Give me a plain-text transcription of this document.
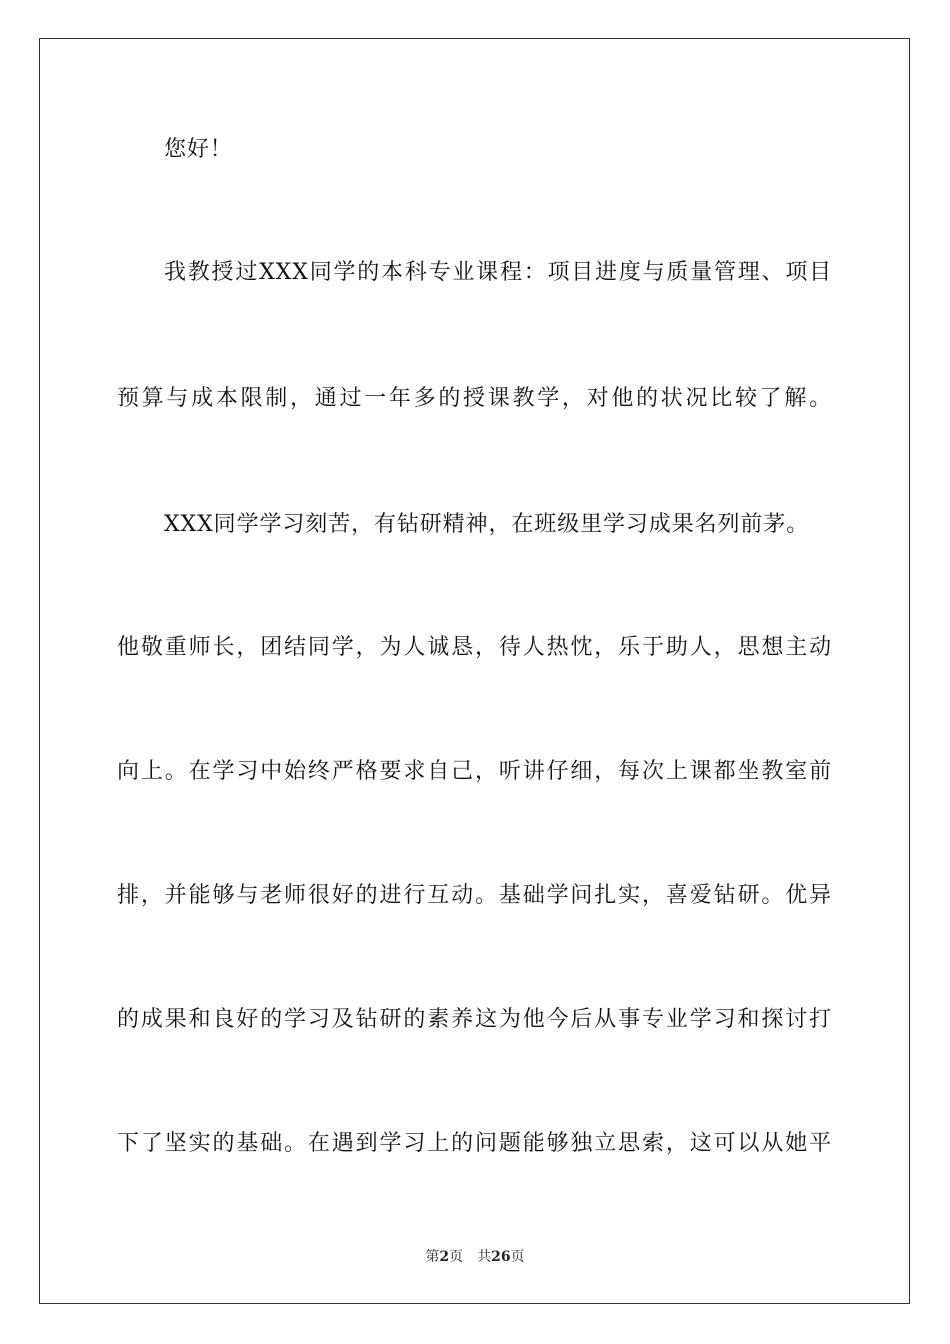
您好！
我教授过XXX同学的本科专业课程：项目进度与质量管理、项目
预算与成本限制，通过一年多的授课教学，对他的状况比较了解。
XXX同学学习刻苦，有钻研精神，在班级里学习成果名列前茅。
他敬重师长，团结同学，为人诚恳，待人热忱，乐于助人，思想主动
向上。在学习中始终严格要求自己，听讲仔细，每次上课都坐教室前
排，并能够与老师很好的进行互动。基础学问扎实，喜爱钻研。优异
的成果和良好的学习及钻研的素养这为他今后从事专业学习和探讨打
下了坚实的基础。在遇到学习上的问题能够独立思索，这可以从她平
第2页 共26页
